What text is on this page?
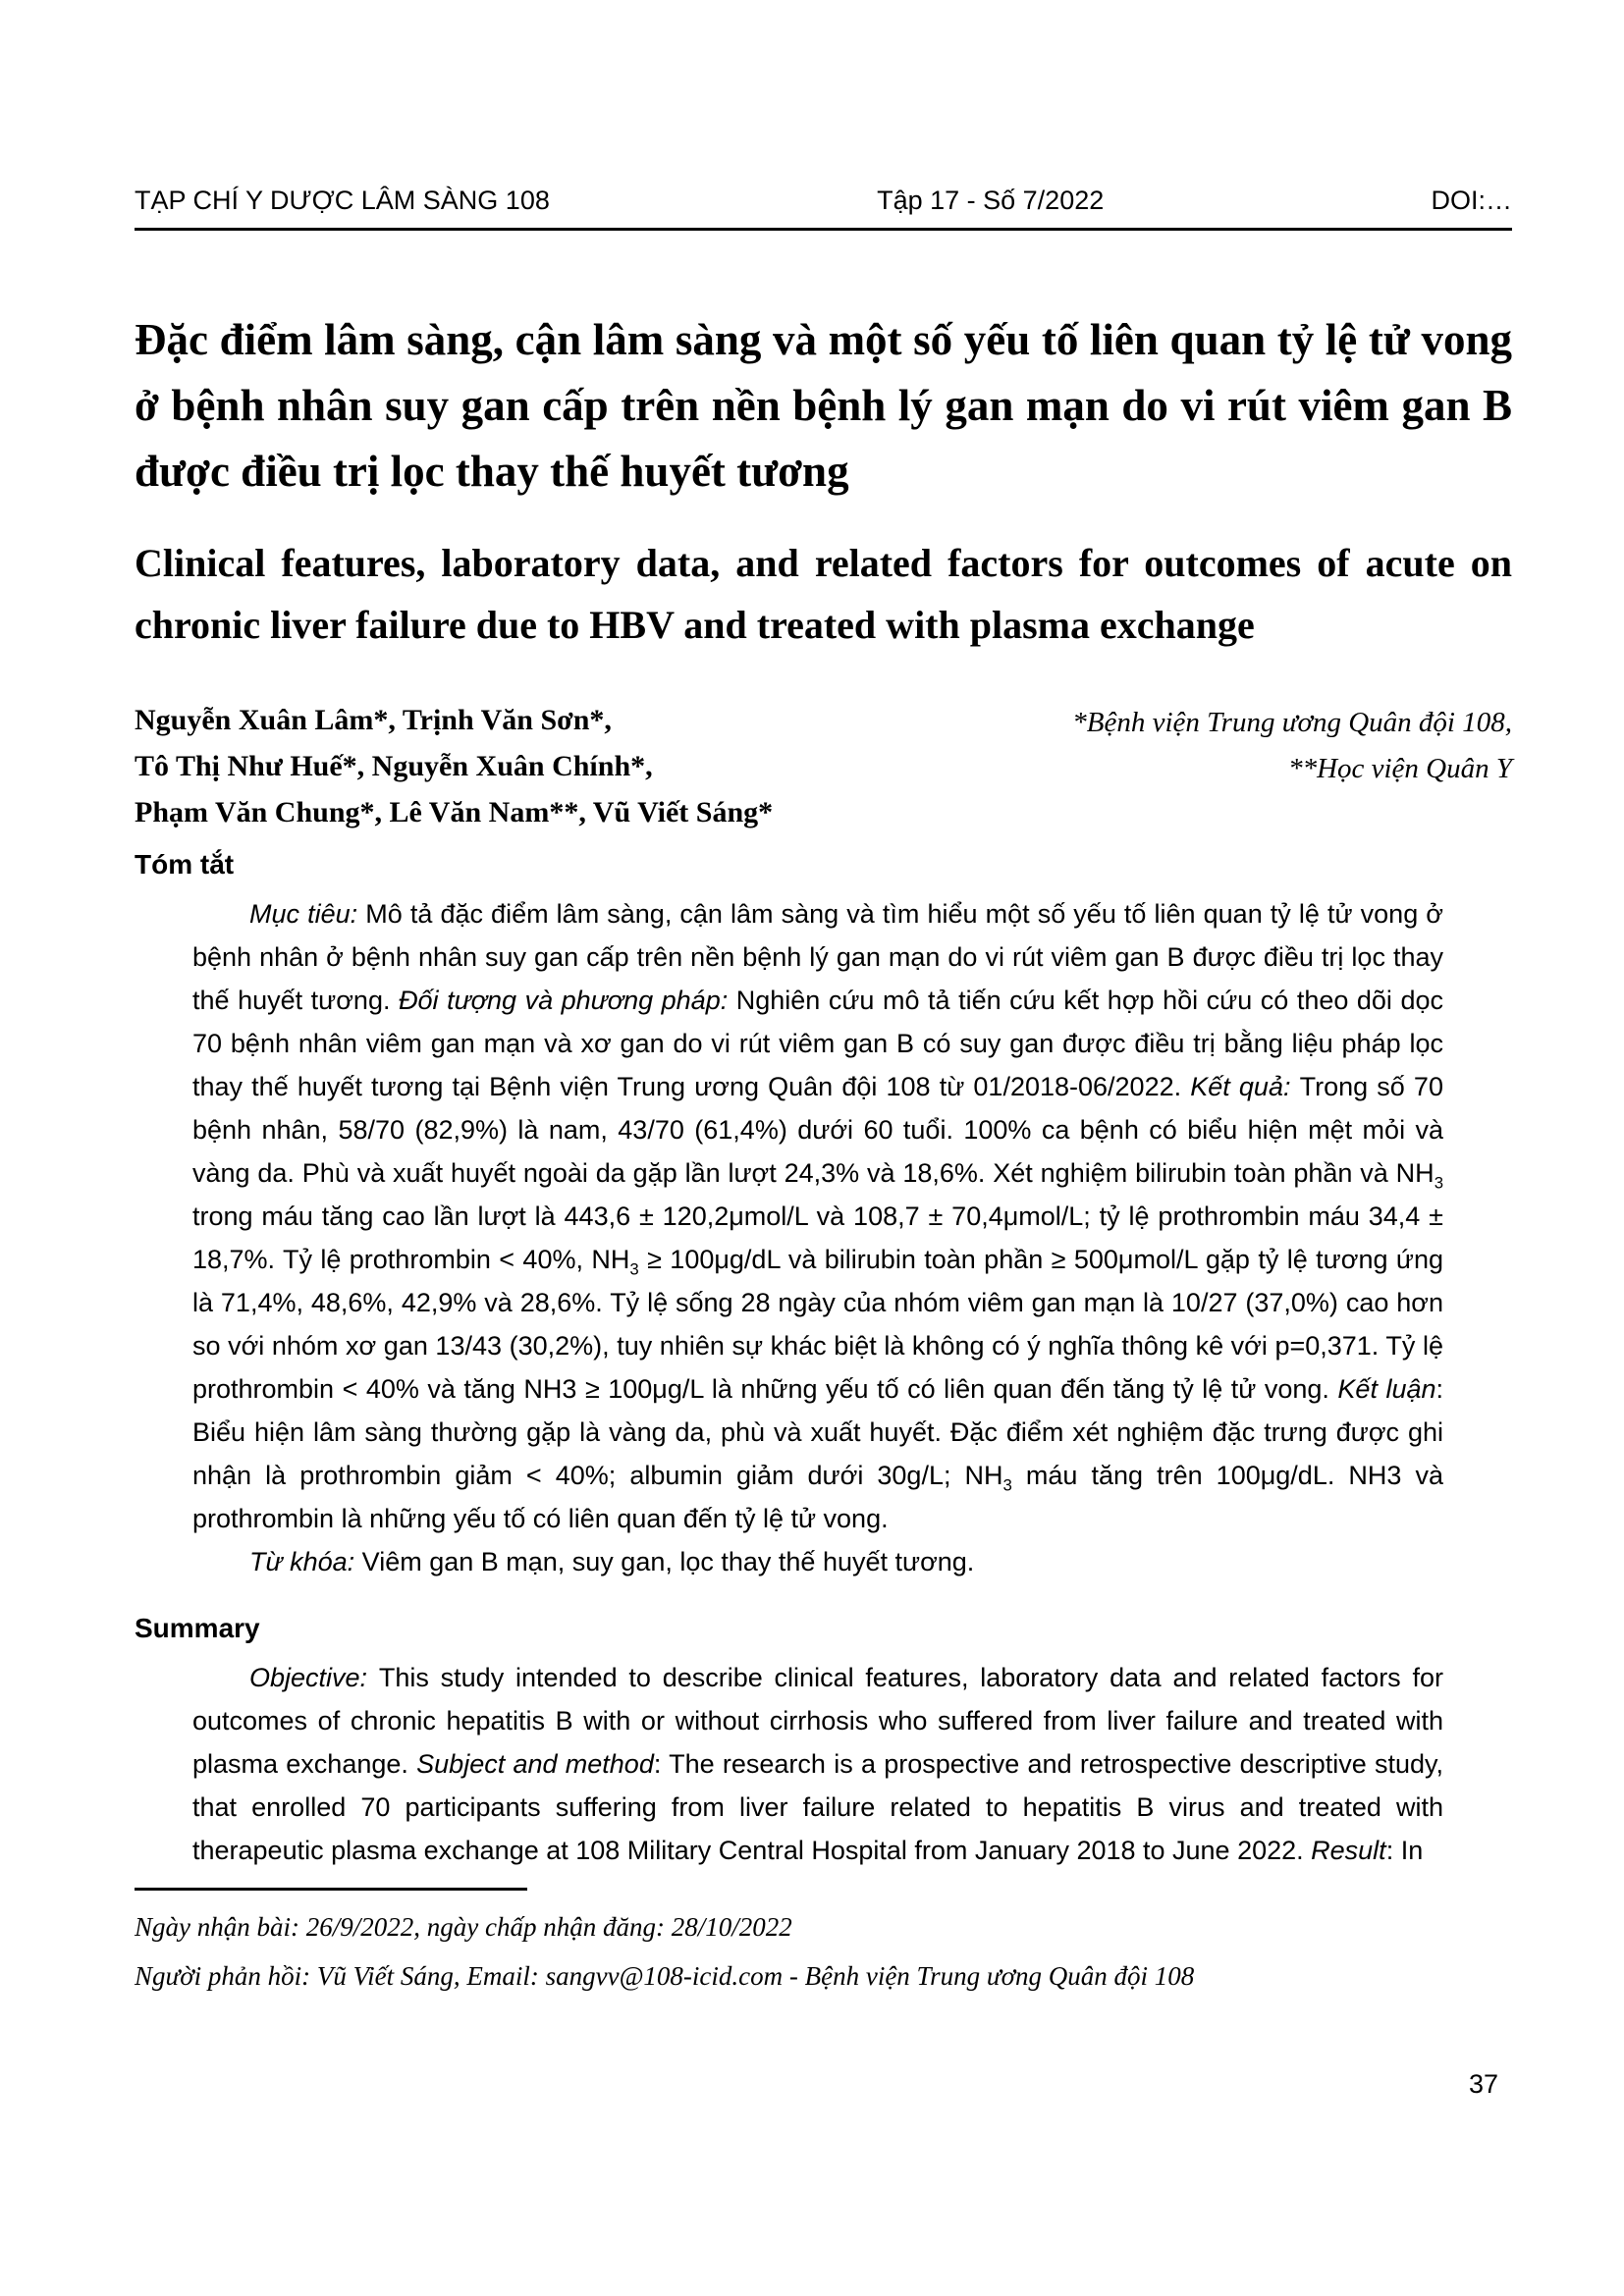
TẠP CHÍ Y DƯỢC LÂM SÀNG 108	Tập 17 - Số 7/2022	DOI:…
Đặc điểm lâm sàng, cận lâm sàng và một số yếu tố liên quan tỷ lệ tử vong ở bệnh nhân suy gan cấp trên nền bệnh lý gan mạn do vi rút viêm gan B được điều trị lọc thay thế huyết tương
Clinical features, laboratory data, and related factors for outcomes of acute on chronic liver failure due to HBV and treated with plasma exchange
Nguyễn Xuân Lâm*, Trịnh Văn Sơn*,
Tô Thị Như Huế*, Nguyễn Xuân Chính*,
Phạm Văn Chung*, Lê Văn Nam**, Vũ Viết Sáng*
*Bệnh viện Trung ương Quân đội 108,
**Học viện Quân Y
Tóm tắt

Mục tiêu: Mô tả đặc điểm lâm sàng, cận lâm sàng và tìm hiểu một số yếu tố liên quan tỷ lệ tử vong ở bệnh nhân ở bệnh nhân suy gan cấp trên nền bệnh lý gan mạn do vi rút viêm gan B được điều trị lọc thay thế huyết tương. Đối tượng và phương pháp: Nghiên cứu mô tả tiến cứu kết hợp hồi cứu có theo dõi dọc 70 bệnh nhân viêm gan mạn và xơ gan do vi rút viêm gan B có suy gan được điều trị bằng liệu pháp lọc thay thế huyết tương tại Bệnh viện Trung ương Quân đội 108 từ 01/2018-06/2022. Kết quả: Trong số 70 bệnh nhân, 58/70 (82,9%) là nam, 43/70 (61,4%) dưới 60 tuổi. 100% ca bệnh có biểu hiện mệt mỏi và vàng da. Phù và xuất huyết ngoài da gặp lần lượt 24,3% và 18,6%. Xét nghiệm bilirubin toàn phần và $NH_3$ trong máu tăng cao lần lượt là 443,6 ± 120,2μmol/L và 108,7 ± 70,4μmol/L; tỷ lệ prothrombin máu 34,4 ± 18,7%. Tỷ lệ prothrombin < 40%, $NH_3 \ge 100\mu g/dL$ và bilirubin toàn phần ≥ 500μmol/L gặp tỷ lệ tương ứng là 71,4%, 48,6%, 42,9% và 28,6%. Tỷ lệ sống 28 ngày của nhóm viêm gan mạn là 10/27 (37,0%) cao hơn so với nhóm xơ gan 13/43 (30,2%), tuy nhiên sự khác biệt là không có ý nghĩa thông kê với p=0,371. Tỷ lệ prothrombin < 40% và tăng NH3 ≥ 100μg/L là những yếu tố có liên quan đến tăng tỷ lệ tử vong. Kết luận: Biểu hiện lâm sàng thường gặp là vàng da, phù và xuất huyết. Đặc điểm xét nghiệm đặc trưng được ghi nhận là prothrombin giảm < 40%; albumin giảm dưới 30g/L; $NH_3$ máu tăng trên 100μg/dL. NH3 và prothrombin là những yếu tố có liên quan đến tỷ lệ tử vong.

Từ khóa: Viêm gan B mạn, suy gan, lọc thay thế huyết tương.

Summary

Objective: This study intended to describe clinical features, laboratory data and related factors for outcomes of chronic hepatitis B with or without cirrhosis who suffered from liver failure and treated with plasma exchange. Subject and method: The research is a prospective and retrospective descriptive study, that enrolled 70 participants suffering from liver failure related to hepatitis B virus and treated with therapeutic plasma exchange at 108 Military Central Hospital from January 2018 to June 2022. Result: In

Ngày nhận bài: 26/9/2022, ngày chấp nhận đăng: 28/10/2022

Người phản hồi: Vũ Viết Sáng, Email: sangvv@108-icid.com - Bệnh viện Trung ương Quân đội 108

37
